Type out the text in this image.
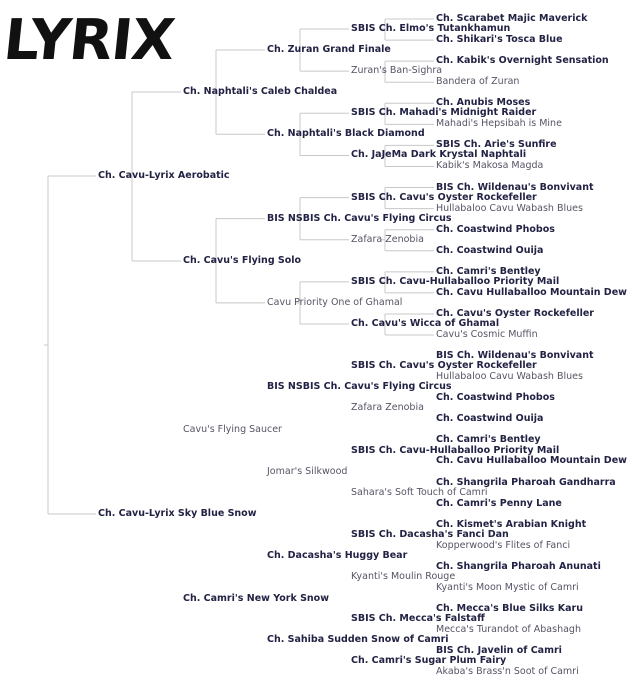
LYRIX
Ch. Cavu-Lyrix Aerobatic
Ch. Cavu-Lyrix Sky Blue Snow
Ch. Naphtali's Caleb Chaldea
Ch. Cavu's Flying Solo
Cavu's Flying Saucer
Ch. Camri's New York Snow
Ch. Zuran Grand Finale
Ch. Naphtali's Black Diamond
BIS NSBIS Ch. Cavu's Flying Circus
Cavu Priority One of Ghamal
BIS NSBIS Ch. Cavu's Flying Circus
Jomar's Silkwood
Ch. Dacasha's Huggy Bear
Ch. Sahiba Sudden Snow of Camri
SBIS Ch. Elmo's Tutankhamun
Zuran's Ban-Sighra
SBIS Ch. Mahadi's Midnight Raider
Ch. JaJeMa Dark Krystal Naphtali
SBIS Ch. Cavu's Oyster Rockefeller
Zafara Zenobia
SBIS Ch. Cavu-Hullaballoo Priority Mail
Ch. Cavu's Wicca of Ghamal
SBIS Ch. Cavu's Oyster Rockefeller
Zafara Zenobia
SBIS Ch. Cavu-Hullaballoo Priority Mail
Sahara's Soft Touch of Camri
SBIS Ch. Dacasha's Fanci Dan
Kyanti's Moulin Rouge
SBIS Ch. Mecca's Falstaff
Ch. Camri's Sugar Plum Fairy
Ch. Scarabet Majic Maverick
Ch. Shikari's Tosca Blue
Ch. Kabik's Overnight Sensation
Bandera of Zuran
Ch. Anubis Moses
Mahadi's Hepsibah is Mine
SBIS Ch. Arie's Sunfire
Kabik's Makosa Magda
BIS Ch. Wildenau's Bonvivant
Hullabaloo Cavu Wabash Blues
Ch. Coastwind Phobos
Ch. Coastwind Ouija
Ch. Camri's Bentley
Ch. Cavu Hullaballoo Mountain Dew
Ch. Cavu's Oyster Rockefeller
Cavu's Cosmic Muffin
BIS Ch. Wildenau's Bonvivant
Hullabaloo Cavu Wabash Blues
Ch. Coastwind Phobos
Ch. Coastwind Ouija
Ch. Camri's Bentley
Ch. Cavu Hullaballoo Mountain Dew
Ch. Shangrila Pharoah Gandharra
Ch. Camri's Penny Lane
Ch. Kismet's Arabian Knight
Kopperwood's Flites of Fanci
Ch. Shangrila Pharoah Anunati
Kyanti's Moon Mystic of Camri
Ch. Mecca's Blue Silks Karu
Mecca's Turandot of Abashagh
BIS Ch. Javelin of Camri
Akaba's Brass'n Soot of Camri
